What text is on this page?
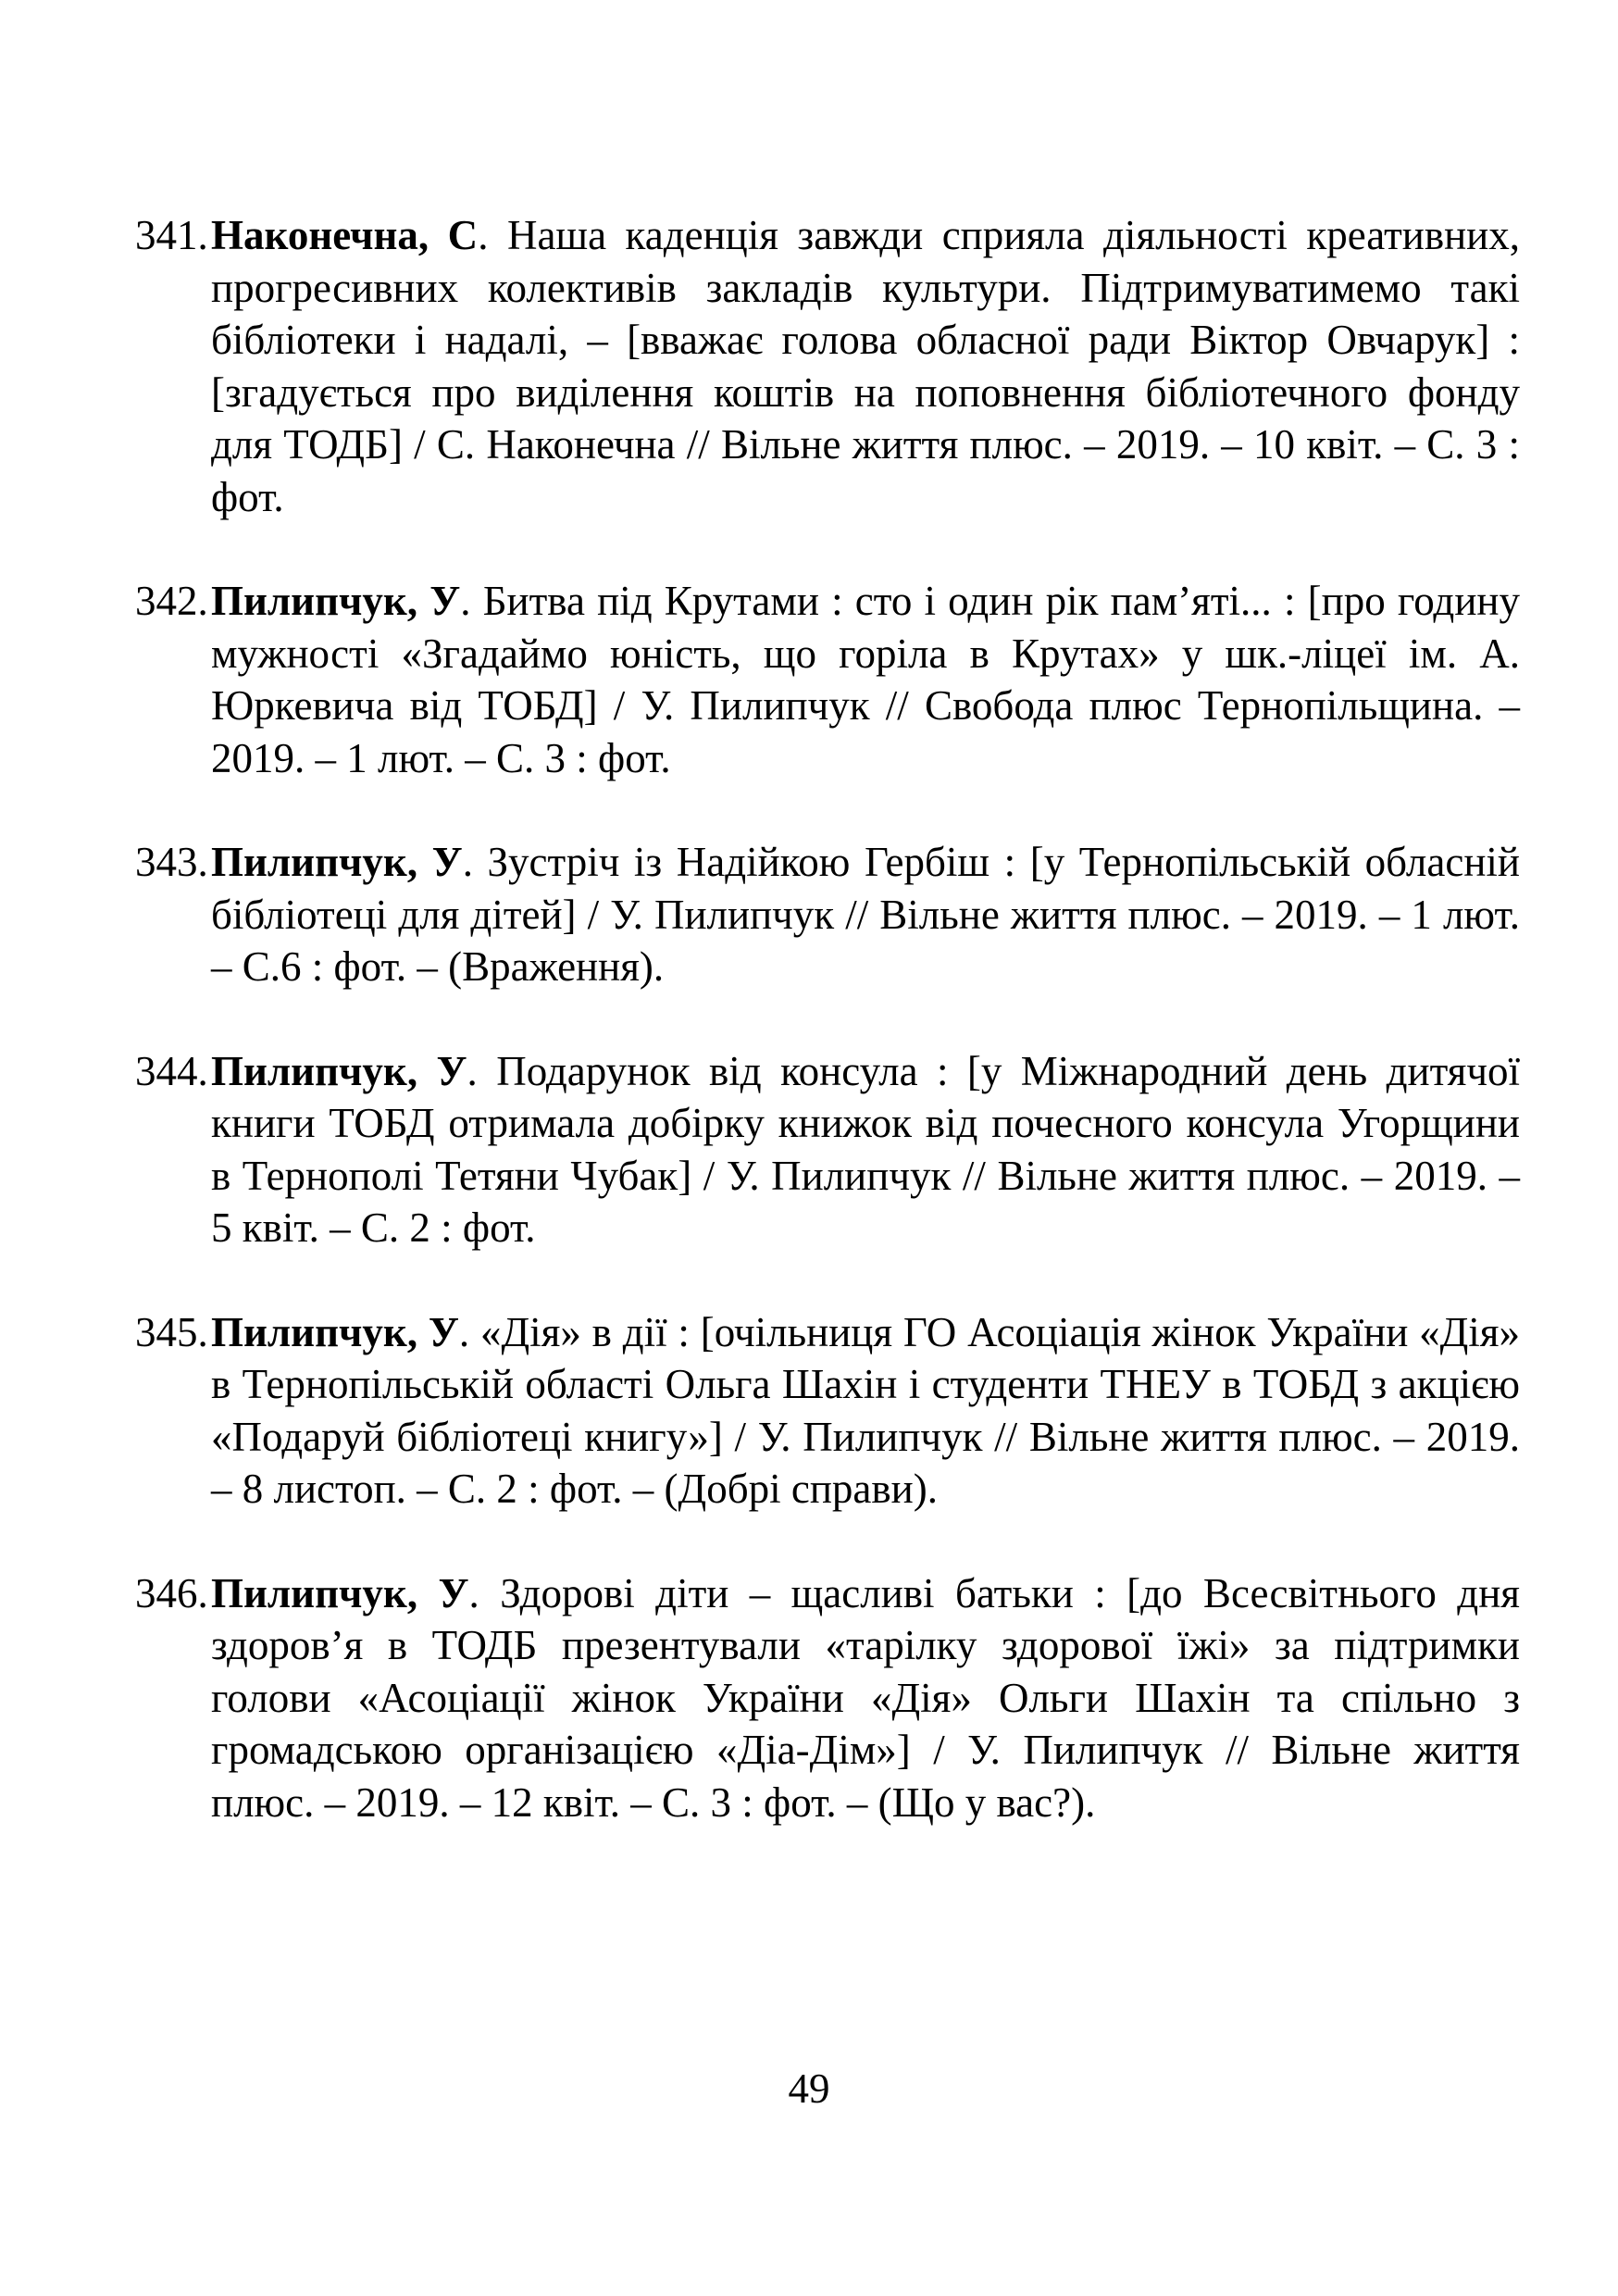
341. Наконечна, С. Наша каденція завжди сприяла діяльності креативних, прогресивних колективів закладів культури. Підтримуватимемо такі бібліотеки і надалі, – [вважає голова обласної ради Віктор Овчарук] : [згадується про виділення коштів на поповнення бібліотечного фонду для ТОДБ] / С. Наконечна // Вільне життя плюс. – 2019. – 10 квіт. – С. 3 : фот.
342. Пилипчук, У. Битва під Крутами : сто і один рік пам’яті... : [про годину мужності «Згадаймо юність, що горіла в Крутах» у шк.-ліцеї ім. А. Юркевича від ТОБД] / У. Пилипчук // Свобода плюс Тернопільщина. – 2019. – 1 лют. – С. 3 : фот.
343. Пилипчук, У. Зустріч із Надійкою Гербіш : [у Тернопільській обласній бібліотеці для дітей] / У. Пилипчук // Вільне життя плюс. – 2019. – 1 лют. – С.6 : фот. – (Враження).
344. Пилипчук, У. Подарунок від консула : [у Міжнародний день дитячої книги ТОБД отримала добірку книжок від почесного консула Угорщини в Тернополі Тетяни Чубак] / У. Пилипчук // Вільне життя плюс. – 2019. – 5 квіт. – С. 2 : фот.
345. Пилипчук, У. «Дія» в дії : [очільниця ГО Асоціація жінок України «Дія» в Тернопільській області Ольга Шахін і студенти ТНЕУ в ТОБД з акцією «Подаруй бібліотеці книгу»] / У. Пилипчук // Вільне життя плюс. – 2019. – 8 листоп. – С. 2 : фот. – (Добрі справи).
346. Пилипчук, У. Здорові діти – щасливі батьки : [до Всесвітнього дня здоров’я в ТОДБ презентували «тарілку здорової їжі» за підтримки голови «Асоціації жінок України «Дія» Ольги Шахін та спільно з громадською організацією «Діа-Дім»] / У. Пилипчук // Вільне життя плюс. – 2019. – 12 квіт. – С. 3 : фот. – (Що у вас?).
49
